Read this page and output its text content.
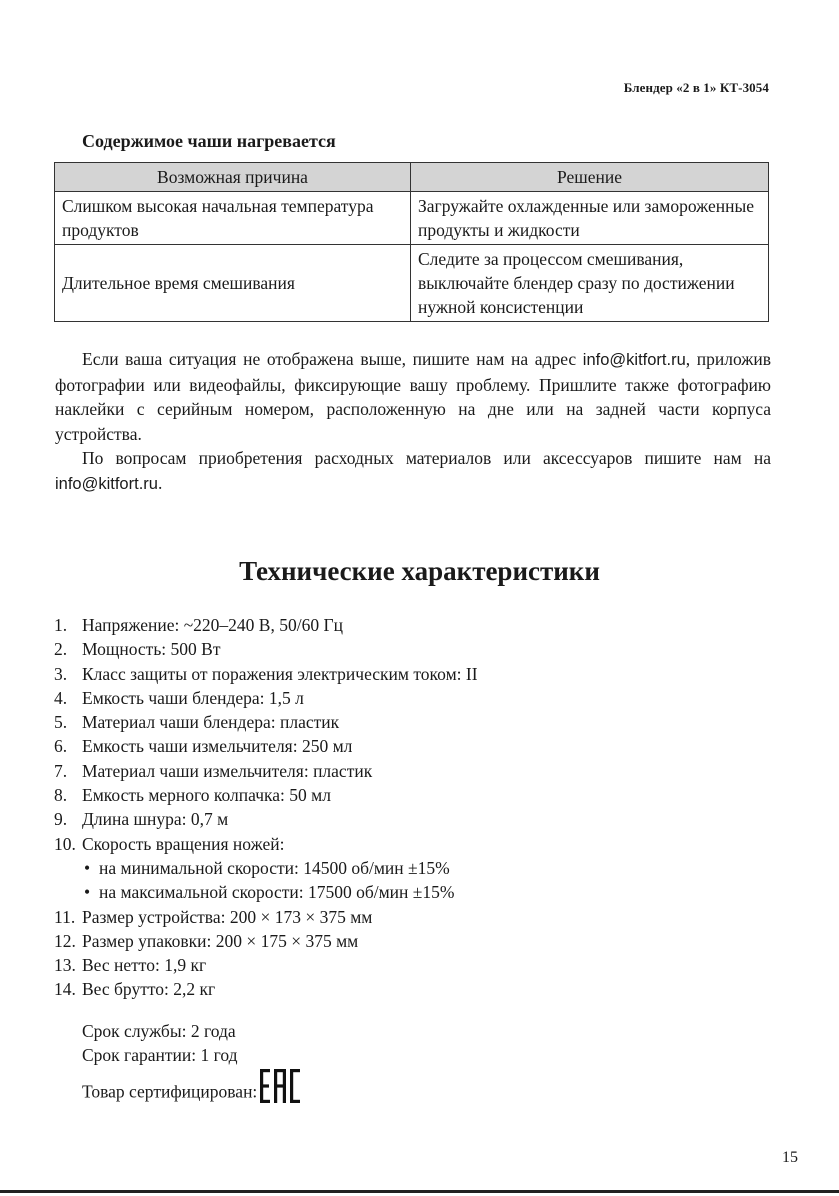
Блендер «2 в 1» КТ-3054
Содержимое чаши нагревается
Возможная причина	Решение
Слишком высокая начальная температура продуктов	Загружайте охлажденные или замороженные продукты и жидкости
Длительное время смешивания	Следите за процессом смешивания, выключайте блендер сразу по достижении нужной консистенции

Если ваша ситуация не отображена выше, пишите нам на адрес info@kitfort.ru, приложив фотографии или видеофайлы, фиксирующие вашу проблему. Пришлите также фотографию наклейки с серийным номером, расположенную на дне или на задней части корпуса устройства.

По вопросам приобретения расходных материалов или аксессуаров пишите нам на info@kitfort.ru.

Технические характеристики
1. Напряжение: ~220–240 В, 50/60 Гц
2. Мощность: 500 Вт
3. Класс защиты от поражения электрическим током: II
4. Емкость чаши блендера: 1,5 л
5. Материал чаши блендера: пластик
6. Емкость чаши измельчителя: 250 мл
7. Материал чаши измельчителя: пластик
8. Емкость мерного колпачка: 50 мл
9. Длина шнура: 0,7 м
10. Скорость вращения ножей:
• на минимальной скорости: 14500 об/мин ±15%
• на максимальной скорости: 17500 об/мин ±15%
11. Размер устройства: 200 × 173 × 375 мм
12. Размер упаковки: 200 × 175 × 375 мм
13. Вес нетто: 1,9 кг
14. Вес брутто: 2,2 кг
Срок службы: 2 года
Срок гарантии: 1 год
Товар сертифицирован:
15
